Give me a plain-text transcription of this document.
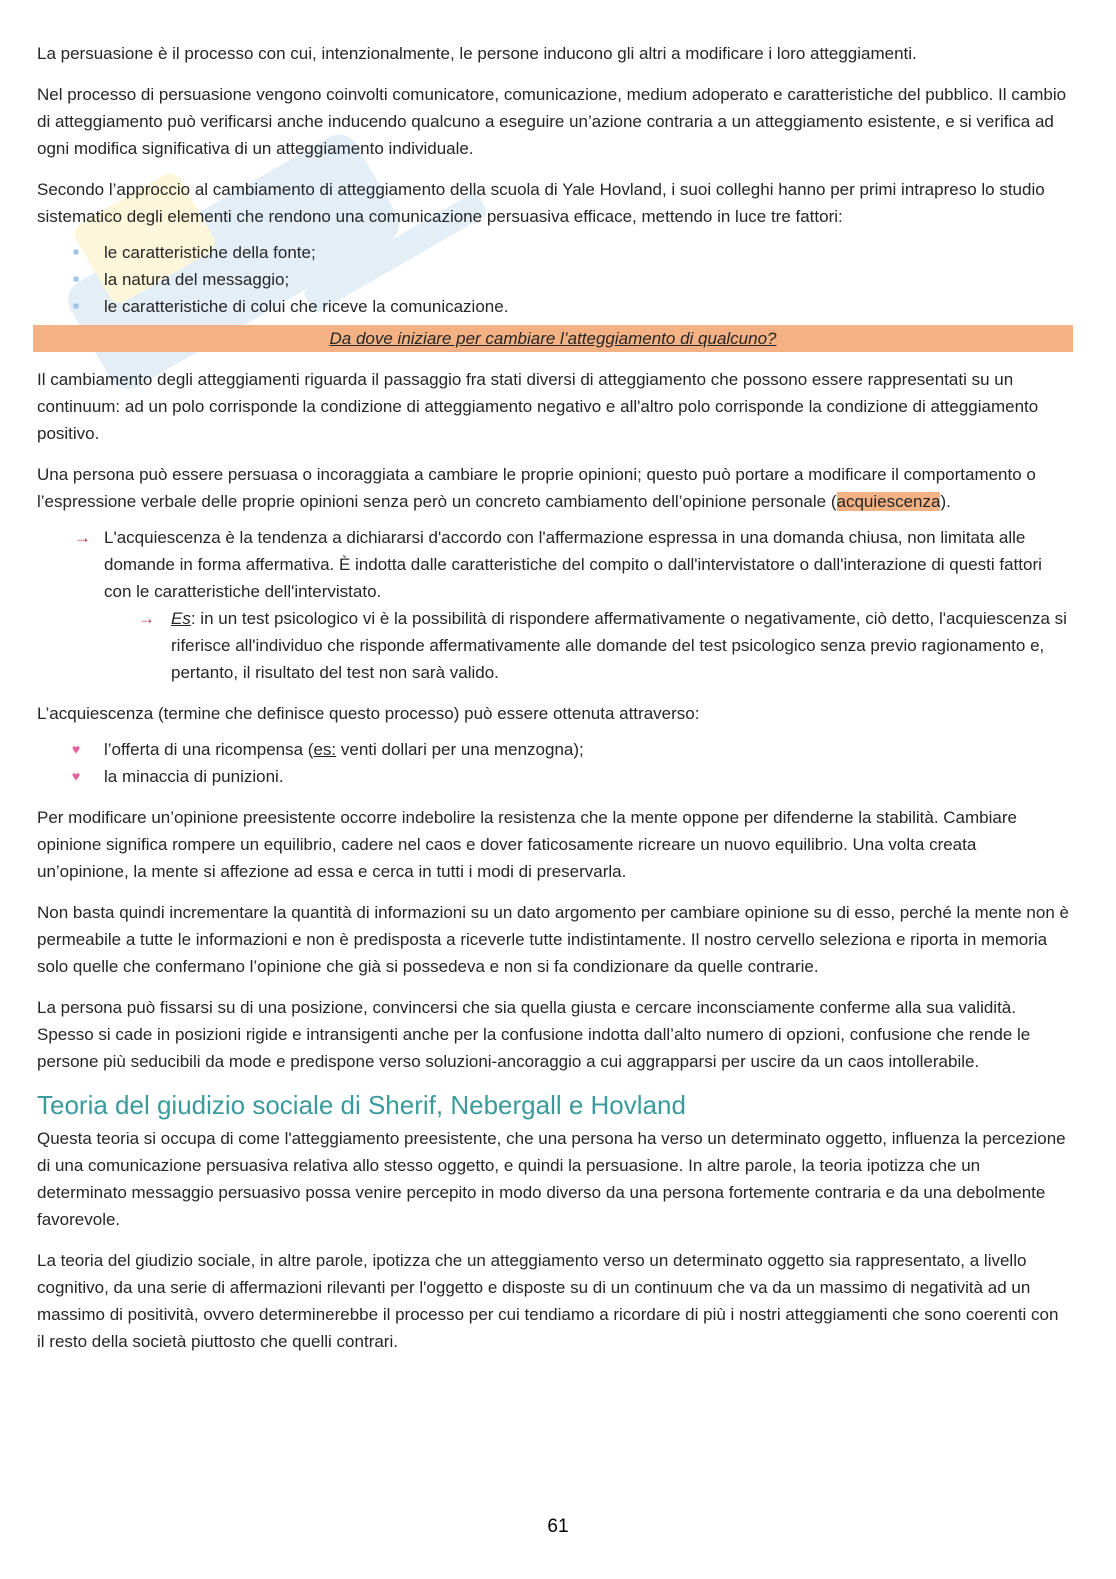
La persuasione è il processo con cui, intenzionalmente, le persone inducono gli altri a modificare i loro atteggiamenti.

Nel processo di persuasione vengono coinvolti comunicatore, comunicazione, medium adoperato e caratteristiche del pubblico. Il cambio di atteggiamento può verificarsi anche inducendo qualcuno a eseguire un’azione contraria a un atteggiamento esistente, e si verifica ad ogni modifica significativa di un atteggiamento individuale.

Secondo l’approccio al cambiamento di atteggiamento della scuola di Yale Hovland, i suoi colleghi hanno per primi intrapreso lo studio sistematico degli elementi che rendono una comunicazione persuasiva efficace, mettendo in luce tre fattori:

■ le caratteristiche della fonte;
■ la natura del messaggio;
■ le caratteristiche di colui che riceve la comunicazione.
Da dove iniziare per cambiare l’atteggiamento di qualcuno?

Il cambiamento degli atteggiamenti riguarda il passaggio fra stati diversi di atteggiamento che possono essere rappresentati su un continuum: ad un polo corrisponde la condizione di atteggiamento negativo e all'altro polo corrisponde la condizione di atteggiamento positivo.

Una persona può essere persuasa o incoraggiata a cambiare le proprie opinioni; questo può portare a modificare il comportamento o l’espressione verbale delle proprie opinioni senza però un concreto cambiamento dell’opinione personale (acquiescenza).

→ L'acquiescenza è la tendenza a dichiararsi d'accordo con l'affermazione espressa in una domanda chiusa, non limitata alle domande in forma affermativa. È indotta dalle caratteristiche del compito o dall'intervistatore o dall'interazione di questi fattori con le caratteristiche dell'intervistato.

→ Es: in un test psicologico vi è la possibilità di rispondere affermativamente o negativamente, ciò detto, l'acquiescenza si riferisce all'individuo che risponde affermativamente alle domande del test psicologico senza previo ragionamento e, pertanto, il risultato del test non sarà valido.

L’acquiescenza (termine che definisce questo processo) può essere ottenuta attraverso:

♥ l’offerta di una ricompensa (es: venti dollari per una menzogna);
♥ la minaccia di punizioni.

Per modificare un’opinione preesistente occorre indebolire la resistenza che la mente oppone per difenderne la stabilità. Cambiare opinione significa rompere un equilibrio, cadere nel caos e dover faticosamente ricreare un nuovo equilibrio. Una volta creata un’opinione, la mente si affezione ad essa e cerca in tutti i modi di preservarla.

Non basta quindi incrementare la quantità di informazioni su un dato argomento per cambiare opinione su di esso, perché la mente non è permeabile a tutte le informazioni e non è predisposta a riceverle tutte indistintamente. Il nostro cervello seleziona e riporta in memoria solo quelle che confermano l’opinione che già si possedeva e non si fa condizionare da quelle contrarie.

La persona può fissarsi su di una posizione, convincersi che sia quella giusta e cercare inconsciamente conferme alla sua validità. Spesso si cade in posizioni rigide e intransigenti anche per la confusione indotta dall’alto numero di opzioni, confusione che rende le persone più seducibili da mode e predispone verso soluzioni-ancoraggio a cui aggrapparsi per uscire da un caos intollerabile.

Teoria del giudizio sociale di Sherif, Nebergall e Hovland

Questa teoria si occupa di come l'atteggiamento preesistente, che una persona ha verso un determinato oggetto, influenza la percezione di una comunicazione persuasiva relativa allo stesso oggetto, e quindi la persuasione. In altre parole, la teoria ipotizza che un determinato messaggio persuasivo possa venire percepito in modo diverso da una persona fortemente contraria e da una debolmente favorevole.

La teoria del giudizio sociale, in altre parole, ipotizza che un atteggiamento verso un determinato oggetto sia rappresentato, a livello cognitivo, da una serie di affermazioni rilevanti per l'oggetto e disposte su di un continuum che va da un massimo di negatività ad un massimo di positività, ovvero determinerebbe il processo per cui tendiamo a ricordare di più i nostri atteggiamenti che sono coerenti con il resto della società piuttosto che quelli contrari.

61
